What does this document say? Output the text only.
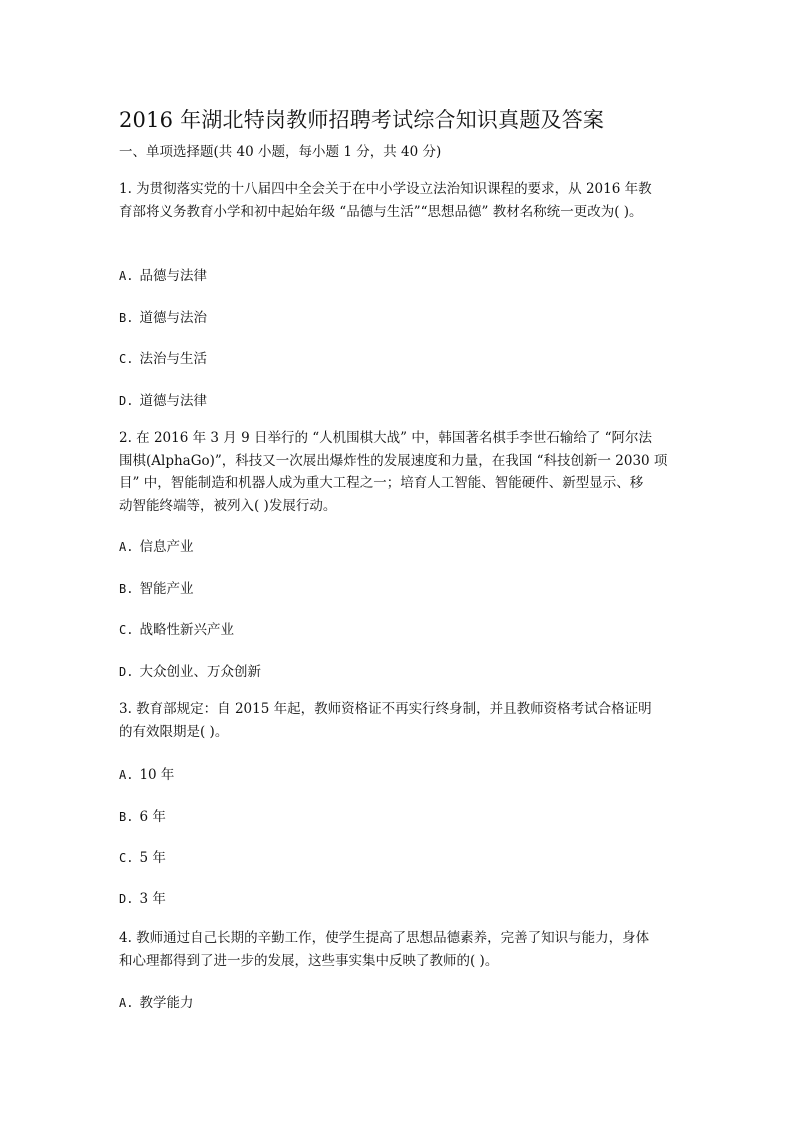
2016 年湖北特岗教师招聘考试综合知识真题及答案
一、单项选择题(共 40 小题，每小题 1 分，共 40 分)
1. 为贯彻落实党的十八届四中全会关于在中小学设立法治知识课程的要求，从 2016 年教
育部将义务教育小学和初中起始年级 “品德与生活”“思想品德” 教材名称统一更改为( )。
A. 品德与法律
B. 道德与法治
C. 法治与生活
D. 道德与法律
2. 在 2016 年 3 月 9 日举行的 “人机围棋大战” 中，韩国著名棋手李世石输给了 “阿尔法
围棋(AlphaGo)”，科技又一次展出爆炸性的发展速度和力量，在我国 “科技创新一 2030 项
目” 中，智能制造和机器人成为重大工程之一；培育人工智能、智能硬件、新型显示、移
动智能终端等，被列入( )发展行动。
A. 信息产业
B. 智能产业
C. 战略性新兴产业
D. 大众创业、万众创新
3. 教育部规定：自 2015 年起，教师资格证不再实行终身制，并且教师资格考试合格证明
的有效限期是( )。
A. 10 年
B. 6 年
C. 5 年
D. 3 年
4. 教师通过自己长期的辛勤工作，使学生提高了思想品德素养，完善了知识与能力，身体
和心理都得到了进一步的发展，这些事实集中反映了教师的( )。
A. 教学能力
